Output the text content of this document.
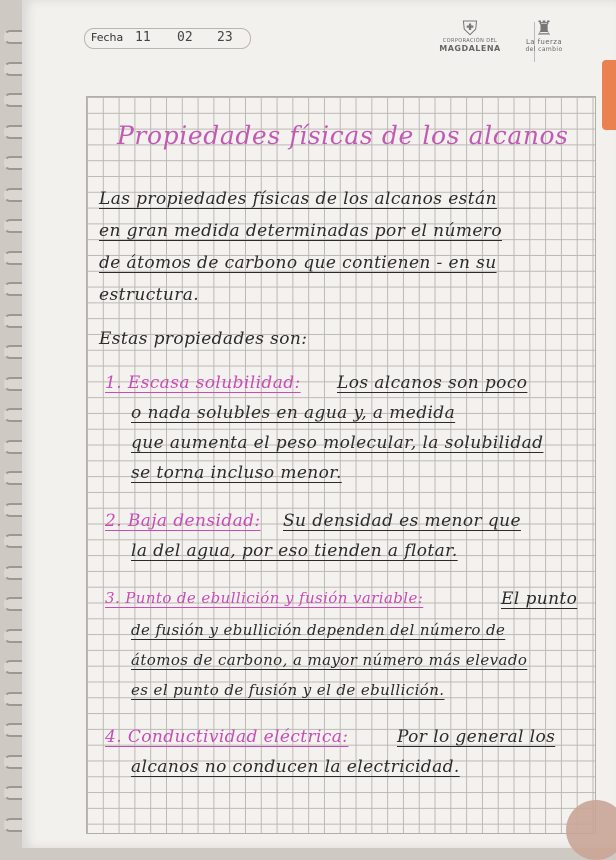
Fecha 11 02 23	⛨
CORPORACIÓN DEL
MAGDALENA
♜
La fuerza
del cambio
Propiedades físicas de los alcanos
Las propiedades físicas de los alcanos están
en gran medida determinadas por el número
de átomos de carbono que contienen - en su
estructura.
Estas propiedades son:
1. Escasa solubilidad: Los alcanos son poco
o nada solubles en agua y, a medida
que aumenta el peso molecular, la solubilidad
se torna incluso menor.
2. Baja densidad: Su densidad es menor que
la del agua, por eso tienden a flotar.
3. Punto de ebullición y fusión variable:	El punto
de fusión y ebullición dependen del número de
átomos de carbono, a mayor número más elevado
es el punto de fusión y el de ebullición.
4. Conductividad eléctrica:	Por lo general los
alcanos no conducen la electricidad.
